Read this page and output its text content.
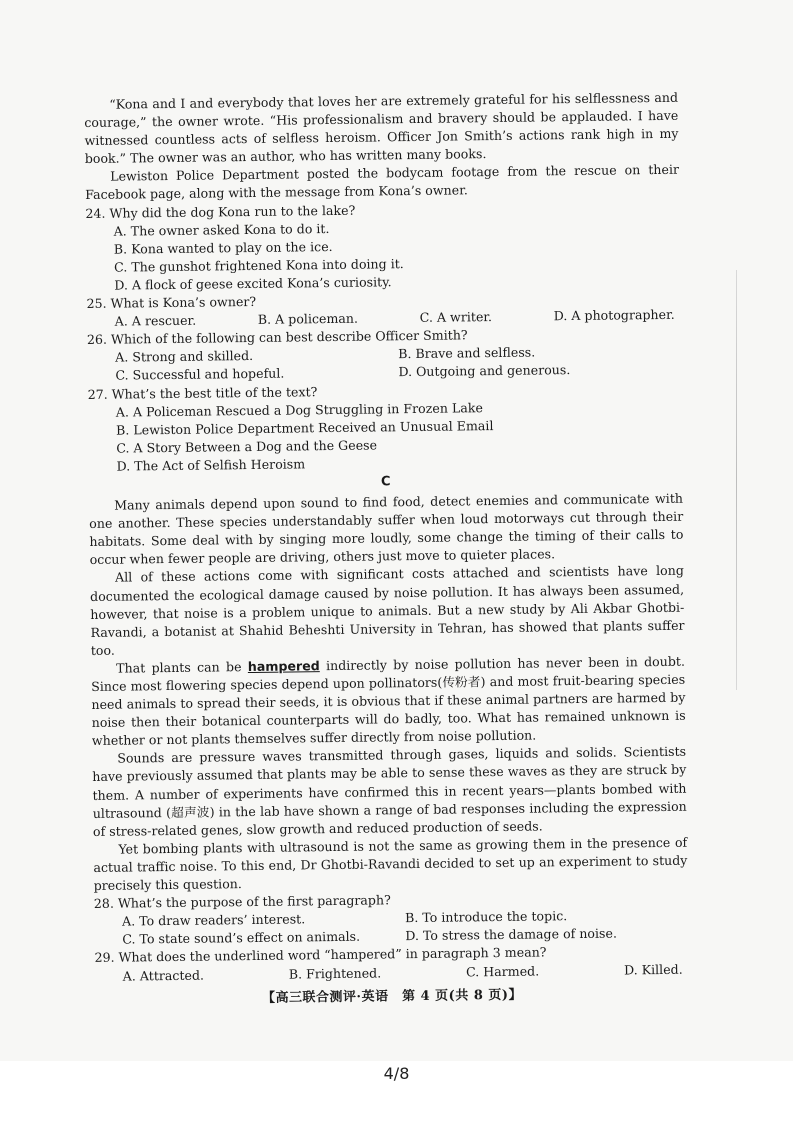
“Kona and I and everybody that loves her are extremely grateful for his selflessness and courage,” the owner wrote. “His professionalism and bravery should be applauded. I have witnessed countless acts of selfless heroism. Officer Jon Smith’s actions rank high in my book.” The owner was an author, who has written many books.

Lewiston Police Department posted the bodycam footage from the rescue on their Facebook page, along with the message from Kona’s owner.

24. Why did the dog Kona run to the lake?

A. The owner asked Kona to do it.

B. Kona wanted to play on the ice.

C. The gunshot frightened Kona into doing it.

D. A flock of geese excited Kona’s curiosity.

25. What is Kona’s owner?

A. A rescuer.	B. A policeman.	C. A writer.	D. A photographer.

26. Which of the following can best describe Officer Smith?

A. Strong and skilled.	B. Brave and selfless.
C. Successful and hopeful.	D. Outgoing and generous.

27. What’s the best title of the text?

A. A Policeman Rescued a Dog Struggling in Frozen Lake

B. Lewiston Police Department Received an Unusual Email

C. A Story Between a Dog and the Geese

D. The Act of Selfish Heroism

C

Many animals depend upon sound to find food, detect enemies and communicate with one another. These species understandably suffer when loud motorways cut through their habitats. Some deal with by singing more loudly, some change the timing of their calls to occur when fewer people are driving, others just move to quieter places.

All of these actions come with significant costs attached and scientists have long documented the ecological damage caused by noise pollution. It has always been assumed, however, that noise is a problem unique to animals. But a new study by Ali Akbar Ghotbi-Ravandi, a botanist at Shahid Beheshti University in Tehran, has showed that plants suffer too.

That plants can be hampered indirectly by noise pollution has never been in doubt. Since most flowering species depend upon pollinators(传粉者) and most fruit-bearing species need animals to spread their seeds, it is obvious that if these animal partners are harmed by noise then their botanical counterparts will do badly, too. What has remained unknown is whether or not plants themselves suffer directly from noise pollution.

Sounds are pressure waves transmitted through gases, liquids and solids. Scientists have previously assumed that plants may be able to sense these waves as they are struck by them. A number of experiments have confirmed this in recent years—plants bombed with ultrasound (超声波) in the lab have shown a range of bad responses including the expression of stress-related genes, slow growth and reduced production of seeds.

Yet bombing plants with ultrasound is not the same as growing them in the presence of actual traffic noise. To this end, Dr Ghotbi-Ravandi decided to set up an experiment to study precisely this question.

28. What’s the purpose of the first paragraph?

A. To draw readers’ interest.	B. To introduce the topic.
C. To state sound’s effect on animals.	D. To stress the damage of noise.

29. What does the underlined word “hampered” in paragraph 3 mean?

A. Attracted.	B. Frightened.	C. Harmed.	D. Killed.
【高三联合测评·英语　第 4 页(共 8 页)】
4/8
